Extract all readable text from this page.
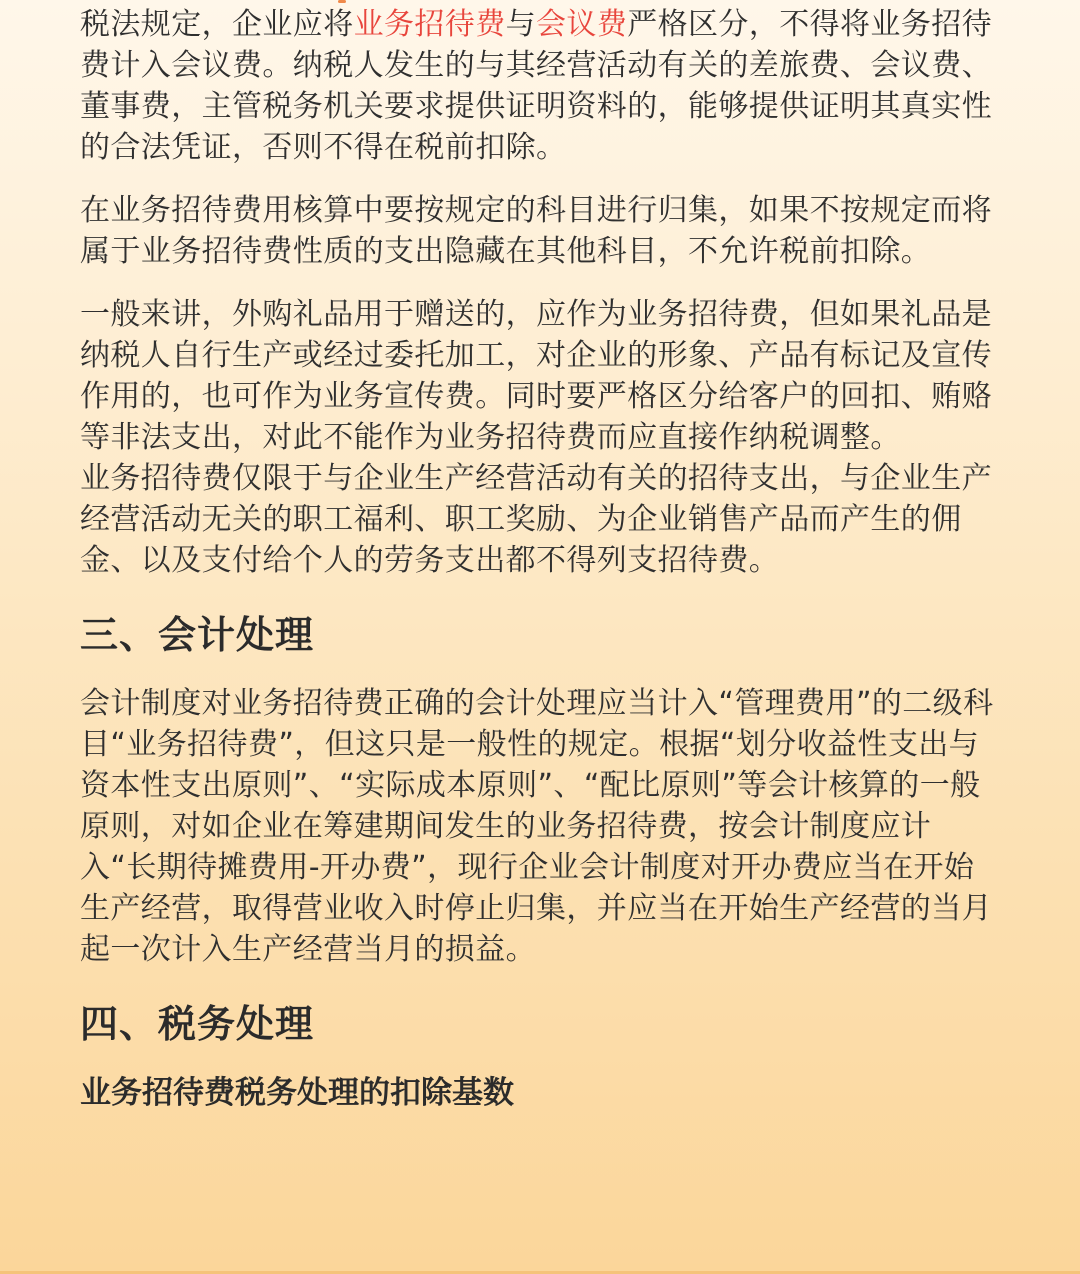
税法规定，企业应将业务招待费与会议费严格区分，不得将业务招待费计入会议费。纳税人发生的与其经营活动有关的差旅费、会议费、董事费，主管税务机关要求提供证明资料的，能够提供证明其真实性的合法凭证，否则不得在税前扣除。

在业务招待费用核算中要按规定的科目进行归集，如果不按规定而将属于业务招待费性质的支出隐藏在其他科目，不允许税前扣除。

一般来讲，外购礼品用于赠送的，应作为业务招待费，但如果礼品是纳税人自行生产或经过委托加工，对企业的形象、产品有标记及宣传作用的，也可作为业务宣传费。同时要严格区分给客户的回扣、贿赂等非法支出，对此不能作为业务招待费而应直接作纳税调整。

业务招待费仅限于与企业生产经营活动有关的招待支出，与企业生产经营活动无关的职工福利、职工奖励、为企业销售产品而产生的佣金、以及支付给个人的劳务支出都不得列支招待费。

三、会计处理

会计制度对业务招待费正确的会计处理应当计入“管理费用”的二级科目“业务招待费”，但这只是一般性的规定。根据“划分收益性支出与资本性支出原则”、“实际成本原则”、“配比原则”等会计核算的一般原则，对如企业在筹建期间发生的业务招待费，按会计制度应计入“长期待摊费用-开办费”，现行企业会计制度对开办费应当在开始生产经营，取得营业收入时停止归集，并应当在开始生产经营的当月起一次计入生产经营当月的损益。

四、税务处理
业务招待费税务处理的扣除基数
